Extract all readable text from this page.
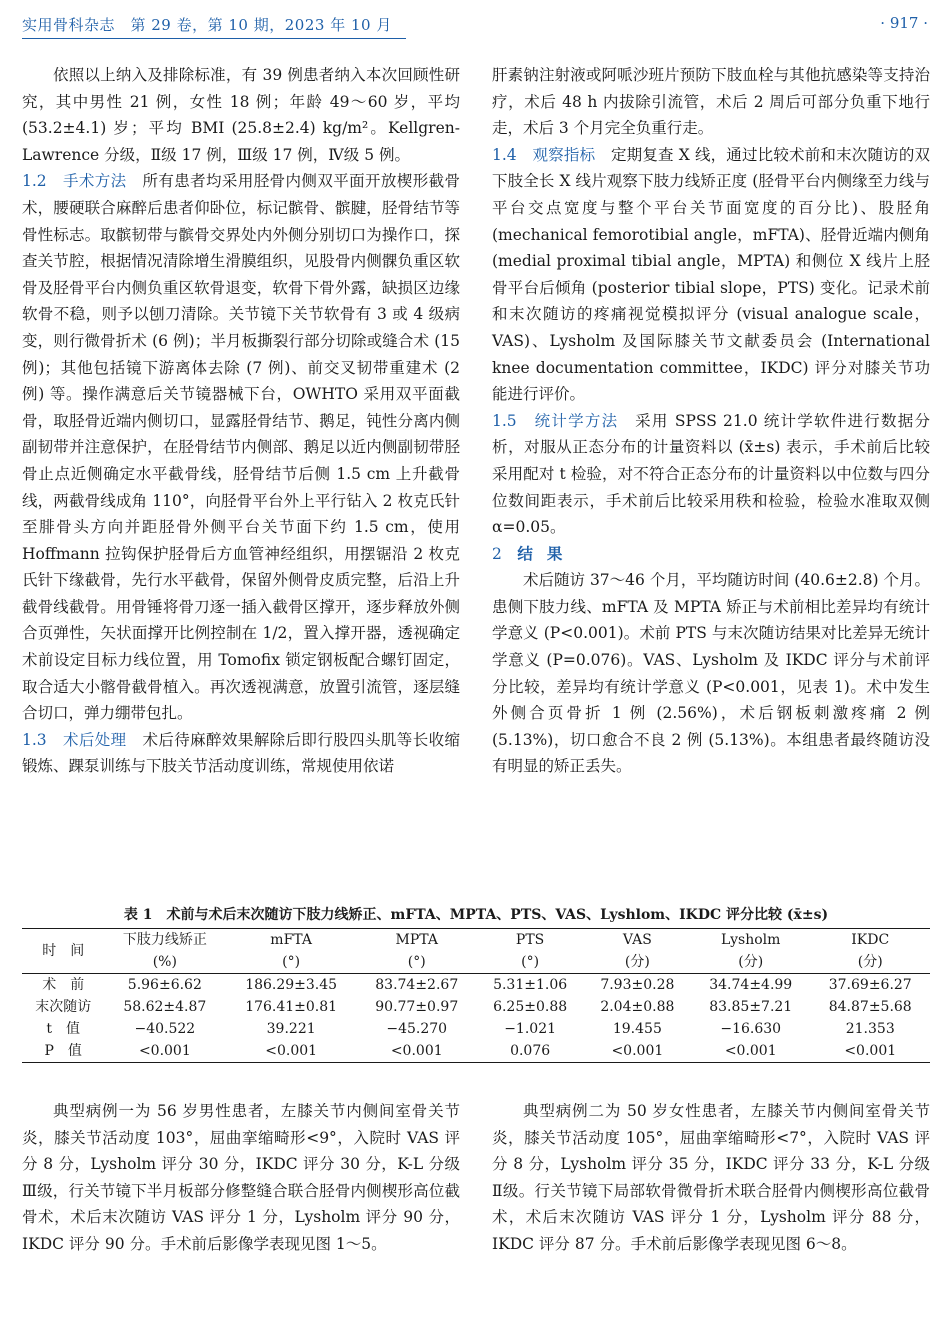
实用骨科杂志　第 29 卷，第 10 期，2023 年 10 月	· 917 ·

依照以上纳入及排除标准，有 39 例患者纳入本次回顾性研究，其中男性 21 例，女性 18 例；年龄 49～60 岁，平均 (53.2±4.1) 岁；平均 BMI (25.8±2.4) kg/m²。Kellgren-Lawrence 分级，Ⅱ级 17 例，Ⅲ级 17 例，Ⅳ级 5 例。

1.2　手术方法　所有患者均采用胫骨内侧双平面开放楔形截骨术，腰硬联合麻醉后患者仰卧位，标记髌骨、髌腱，胫骨结节等骨性标志。取髌韧带与髌骨交界处内外侧分别切口为操作口，探查关节腔，根据情况清除增生滑膜组织，见股骨内侧髁负重区软骨及胫骨平台内侧负重区软骨退变，软骨下骨外露，缺损区边缘软骨不稳，则予以刨刀清除。关节镜下关节软骨有 3 或 4 级病变，则行微骨折术 (6 例)；半月板撕裂行部分切除或缝合术 (15 例)；其他包括镜下游离体去除 (7 例)、前交叉韧带重建术 (2 例) 等。操作满意后关节镜器械下台，OWHTO 采用双平面截骨，取胫骨近端内侧切口，显露胫骨结节、鹅足，钝性分离内侧副韧带并注意保护，在胫骨结节内侧部、鹅足以近内侧副韧带胫骨止点近侧确定水平截骨线，胫骨结节后侧 1.5 cm 上升截骨线，两截骨线成角 110°，向胫骨平台外上平行钻入 2 枚克氏针至腓骨头方向并距胫骨外侧平台关节面下约 1.5 cm，使用 Hoffmann 拉钩保护胫骨后方血管神经组织，用摆锯沿 2 枚克氏针下缘截骨，先行水平截骨，保留外侧骨皮质完整，后沿上升截骨线截骨。用骨锤将骨刀逐一插入截骨区撑开，逐步释放外侧合页弹性，矢状面撑开比例控制在 1/2，置入撑开器，透视确定术前设定目标力线位置，用 Tomofix 锁定钢板配合螺钉固定，取合适大小髂骨截骨植入。再次透视满意，放置引流管，逐层缝合切口，弹力绷带包扎。

1.3　术后处理　术后待麻醉效果解除后即行股四头肌等长收缩锻炼、踝泵训练与下肢关节活动度训练，常规使用依诺

肝素钠注射液或阿哌沙班片预防下肢血栓与其他抗感染等支持治疗，术后 48 h 内拔除引流管，术后 2 周后可部分负重下地行走，术后 3 个月完全负重行走。

1.4　观察指标　定期复查 X 线，通过比较术前和末次随访的双下肢全长 X 线片观察下肢力线矫正度 (胫骨平台内侧缘至力线与平台交点宽度与整个平台关节面宽度的百分比)、股胫角 (mechanical femorotibial angle，mFTA)、胫骨近端内侧角 (medial proximal tibial angle，MPTA) 和侧位 X 线片上胫骨平台后倾角 (posterior tibial slope，PTS) 变化。记录术前和末次随访的疼痛视觉模拟评分 (visual analogue scale，VAS)、Lysholm 及国际膝关节文献委员会 (International knee documentation committee，IKDC) 评分对膝关节功能进行评价。

1.5　统计学方法　采用 SPSS 21.0 统计学软件进行数据分析，对服从正态分布的计量资料以 (x̄±s) 表示，手术前后比较采用配对 t 检验，对不符合正态分布的计量资料以中位数与四分位数间距表示，手术前后比较采用秩和检验，检验水准取双侧 α=0.05。

2　 结果

术后随访 37～46 个月，平均随访时间 (40.6±2.8) 个月。患侧下肢力线、mFTA 及 MPTA 矫正与术前相比差异均有统计学意义 (P<0.001)。术前 PTS 与末次随访结果对比差异无统计学意义 (P=0.076)。VAS、Lysholm 及 IKDC 评分与术前评分比较，差异均有统计学意义 (P<0.001，见表 1)。术中发生外侧合页骨折 1 例 (2.56%)，术后钢板刺激疼痛 2 例 (5.13%)，切口愈合不良 2 例 (5.13%)。本组患者最终随访没有明显的矫正丢失。

表 1　术前与术后末次随访下肢力线矫正、mFTA、MPTA、PTS、VAS、Lyshlom、IKDC 评分比较 (x̄±s)
时　间	下肢力线矫正	mFTA	MPTA	PTS	VAS	Lysholm	IKDC
	(%)	(°)	(°)	(°)	(分)	(分)	(分)
术　前	5.96±6.62	186.29±3.45	83.74±2.67	5.31±1.06	7.93±0.28	34.74±4.99	37.69±6.27
末次随访	58.62±4.87	176.41±0.81	90.77±0.97	6.25±0.88	2.04±0.88	83.85±7.21	84.87±5.68
t　值	−40.522	39.221	−45.270	−1.021	19.455	−16.630	21.353
P　值	<0.001	<0.001	<0.001	0.076	<0.001	<0.001	<0.001

典型病例一为 56 岁男性患者，左膝关节内侧间室骨关节炎，膝关节活动度 103°，屈曲挛缩畸形<9°，入院时 VAS 评分 8 分，Lysholm 评分 30 分，IKDC 评分 30 分，K-L 分级Ⅲ级，行关节镜下半月板部分修整缝合联合胫骨内侧楔形高位截骨术，术后末次随访 VAS 评分 1 分，Lysholm 评分 90 分，IKDC 评分 90 分。手术前后影像学表现见图 1～5。

典型病例二为 50 岁女性患者，左膝关节内侧间室骨关节炎，膝关节活动度 105°，屈曲挛缩畸形<7°，入院时 VAS 评分 8 分，Lysholm 评分 35 分，IKDC 评分 33 分，K-L 分级Ⅱ级。行关节镜下局部软骨微骨折术联合胫骨内侧楔形高位截骨术，术后末次随访 VAS 评分 1 分，Lysholm 评分 88 分，IKDC 评分 87 分。手术前后影像学表现见图 6～8。
